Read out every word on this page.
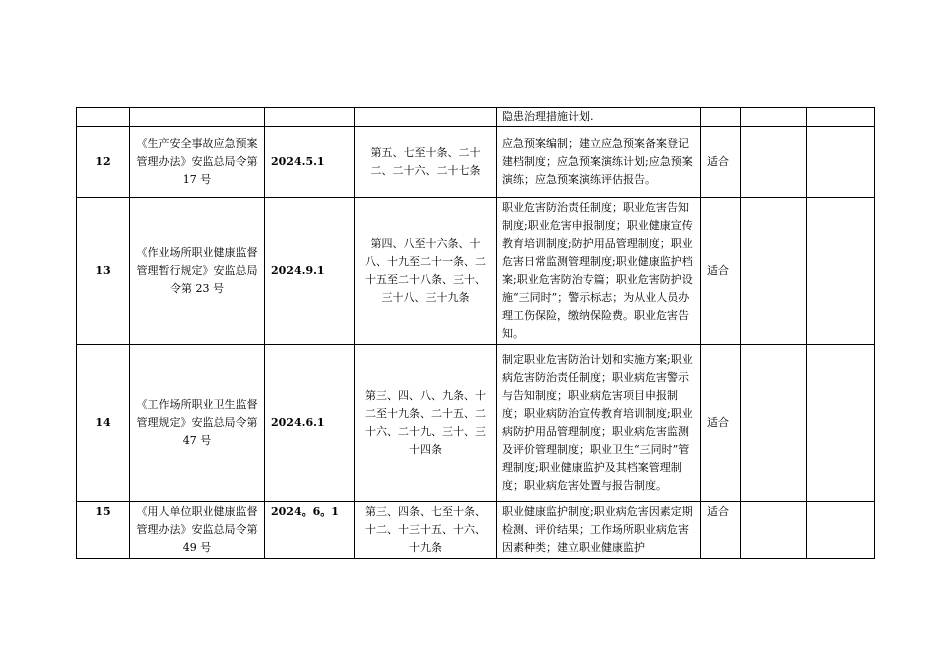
				隐患治理措施计划.			
12	《生产安全事故应急预案管理办法》安监总局令第 17 号	2024.5.1	第五、七至十条、二十二、二十六、二十七条	应急预案编制；建立应急预案备案登记建档制度；应急预案演练计划;应急预案演练；应急预案演练评估报告。	适合		
13	《作业场所职业健康监督管理暂行规定》安监总局令第 23 号	2024.9.1	第四、八至十六条、十八、十九至二十一条、二十五至二十八条、三十、三十八、三十九条	职业危害防治责任制度；职业危害告知制度;职业危害申报制度；职业健康宣传教育培训制度;防护用品管理制度；职业危害日常监测管理制度;职业健康监护档案;职业危害防治专篇；职业危害防护设施“三同时”；警示标志；为从业人员办理工伤保险，缴纳保险费。职业危害告知。	适合		
14	《工作场所职业卫生监督管理规定》安监总局令第 47 号	2024.6.1	第三、四、八、九条、十二至十九条、二十五、二十六、二十九、三十、三十四条	制定职业危害防治计划和实施方案;职业病危害防治责任制度；职业病危害警示与告知制度；职业病危害项目申报制度；职业病防治宣传教育培训制度;职业病防护用品管理制度；职业病危害监测及评价管理制度；职业卫生“三同时”管理制度;职业健康监护及其档案管理制度；职业病危害处置与报告制度。	适合		
15	《用人单位职业健康监督管理办法》安监总局令第 49 号	2024。6。1	第三、四条、七至十条、十二、十三十五、十六、十九条	职业健康监护制度;职业病危害因素定期检测、评价结果；工作场所职业病危害因素种类；建立职业健康监护	适合		
